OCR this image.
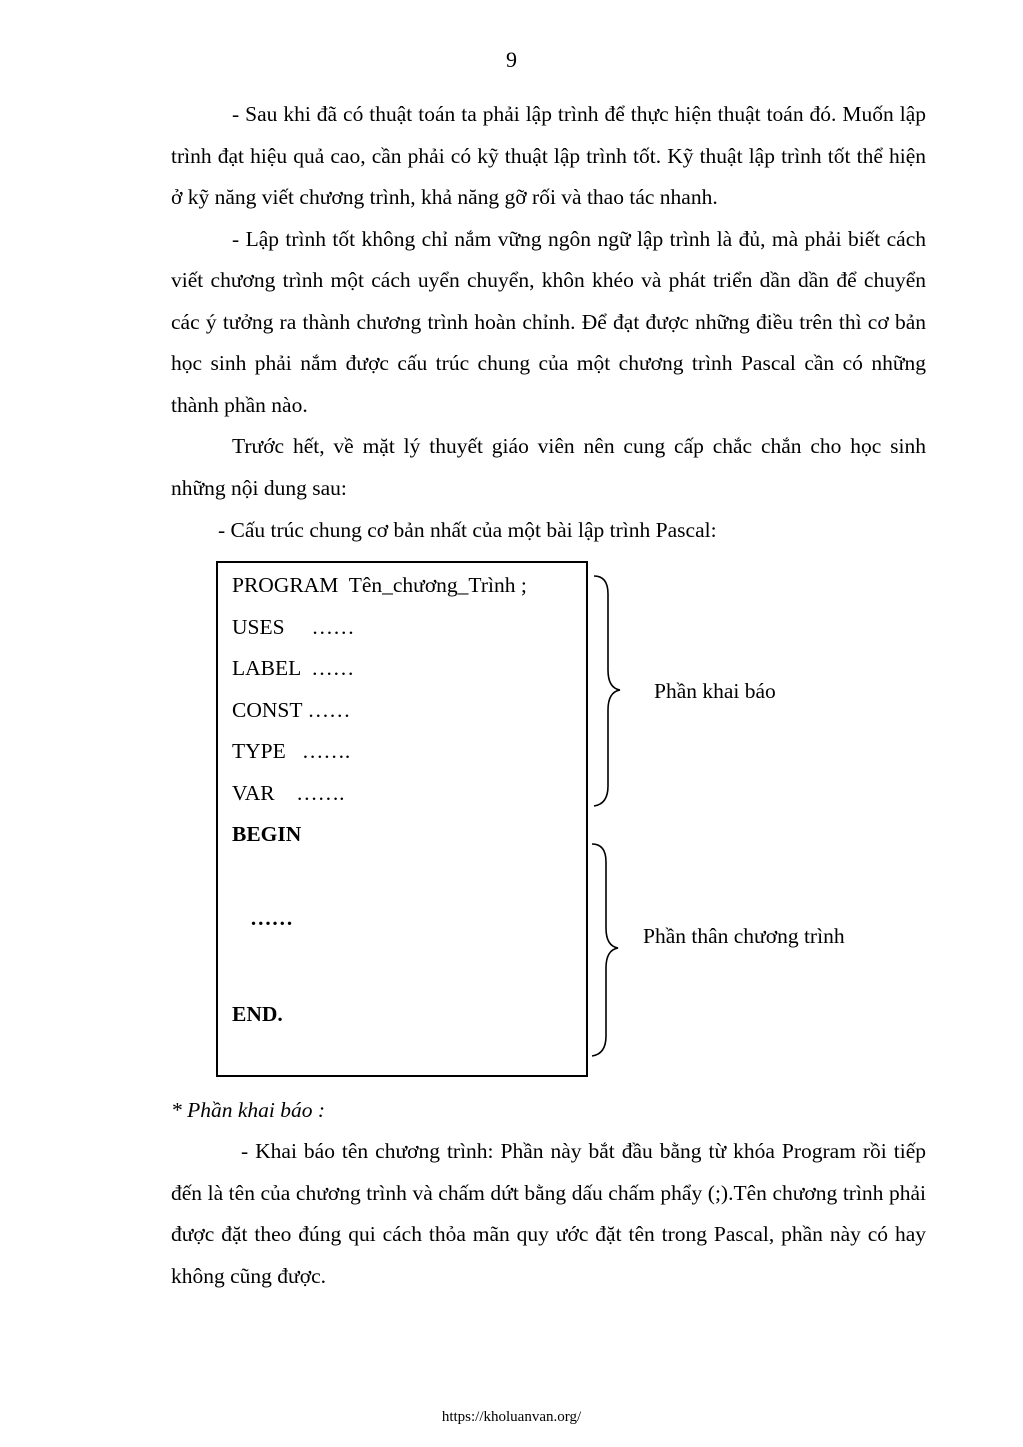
9

- Sau khi đã có thuật toán ta phải lập trình để thực hiện thuật toán đó. Muốn lập trình đạt hiệu quả cao, cần phải có kỹ thuật lập trình tốt. Kỹ thuật lập trình tốt thể hiện ở kỹ năng viết chương trình, khả năng gỡ rối và thao tác nhanh.

- Lập trình tốt không chỉ nắm vững ngôn ngữ lập trình là đủ, mà phải biết cách viết chương trình một cách uyển chuyển, khôn khéo và phát triển dần dần để chuyển các ý tưởng ra thành chương trình hoàn chỉnh. Để đạt được những điều trên thì cơ bản học sinh phải nắm được cấu trúc chung của một chương trình Pascal cần có những thành phần nào.

Trước hết, về mặt lý thuyết giáo viên nên cung cấp chắc chắn cho học sinh những nội dung sau:

- Cấu trúc chung cơ bản nhất của một bài lập trình Pascal:
PROGRAM  Tên_chương_Trình ;
USES     ……
LABEL  ……
CONST ……
TYPE   …….
VAR    …….
BEGIN
……
END.
Phần khai báo
Phần thân chương trình
* Phần khai báo :

- Khai báo tên chương trình: Phần này bắt đầu bằng từ khóa Program rồi tiếp đến là tên của chương trình và chấm dứt bằng dấu chấm phẩy (;).Tên chương trình phải được đặt theo đúng qui cách thỏa mãn quy ước đặt tên trong Pascal, phần này có hay không cũng được.

https://kholuanvan.org/
